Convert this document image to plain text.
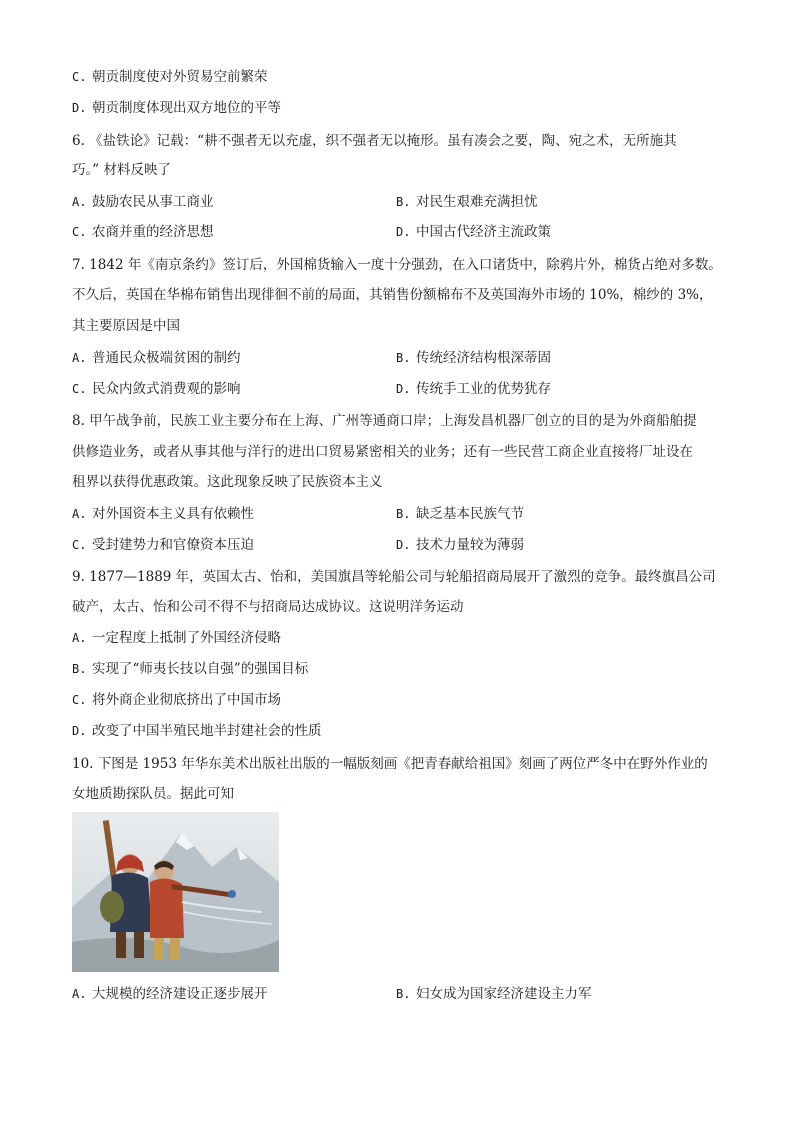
C. 朝贡制度使对外贸易空前繁荣
D. 朝贡制度体现出双方地位的平等
6. 《盐铁论》记载：“耕不强者无以充虚，织不强者无以掩形。虽有凑会之要，陶、宛之术，无所施其
巧。” 材料反映了
A. 鼓励农民从事工商业	B. 对民生艰难充满担忧
C. 农商并重的经济思想	D. 中国古代经济主流政策
7. 1842 年《南京条约》签订后，外国棉货输入一度十分强劲，在入口诸货中，除鸦片外，棉货占绝对多数。
不久后，英国在华棉布销售出现徘徊不前的局面，其销售份额棉布不及英国海外市场的 10%，棉纱的 3%，
其主要原因是中国
A. 普通民众极端贫困的制约	B. 传统经济结构根深蒂固
C. 民众内敛式消费观的影响	D. 传统手工业的优势犹存
8. 甲午战争前，民族工业主要分布在上海、广州等通商口岸；上海发昌机器厂创立的目的是为外商船舶提
供修造业务，或者从事其他与洋行的进出口贸易紧密相关的业务；还有一些民营工商企业直接将厂址设在
租界以获得优惠政策。这此现象反映了民族资本主义
A. 对外国资本主义具有依赖性	B. 缺乏基本民族气节
C. 受封建势力和官僚资本压迫	D. 技术力量较为薄弱
9. 1877—1889 年，英国太古、怡和，美国旗昌等轮船公司与轮船招商局展开了激烈的竞争。最终旗昌公司
破产，太古、怡和公司不得不与招商局达成协议。这说明洋务运动
A. 一定程度上抵制了外国经济侵略
B. 实现了“师夷长技以自强”的强国目标
C. 将外商企业彻底挤出了中国市场
D. 改变了中国半殖民地半封建社会的性质
10. 下图是 1953 年华东美术出版社出版的一幅版刻画《把青春献给祖国》刻画了两位严冬中在野外作业的
女地质勘探队员。据此可知
A. 大规模的经济建设正逐步展开	B. 妇女成为国家经济建设主力军
